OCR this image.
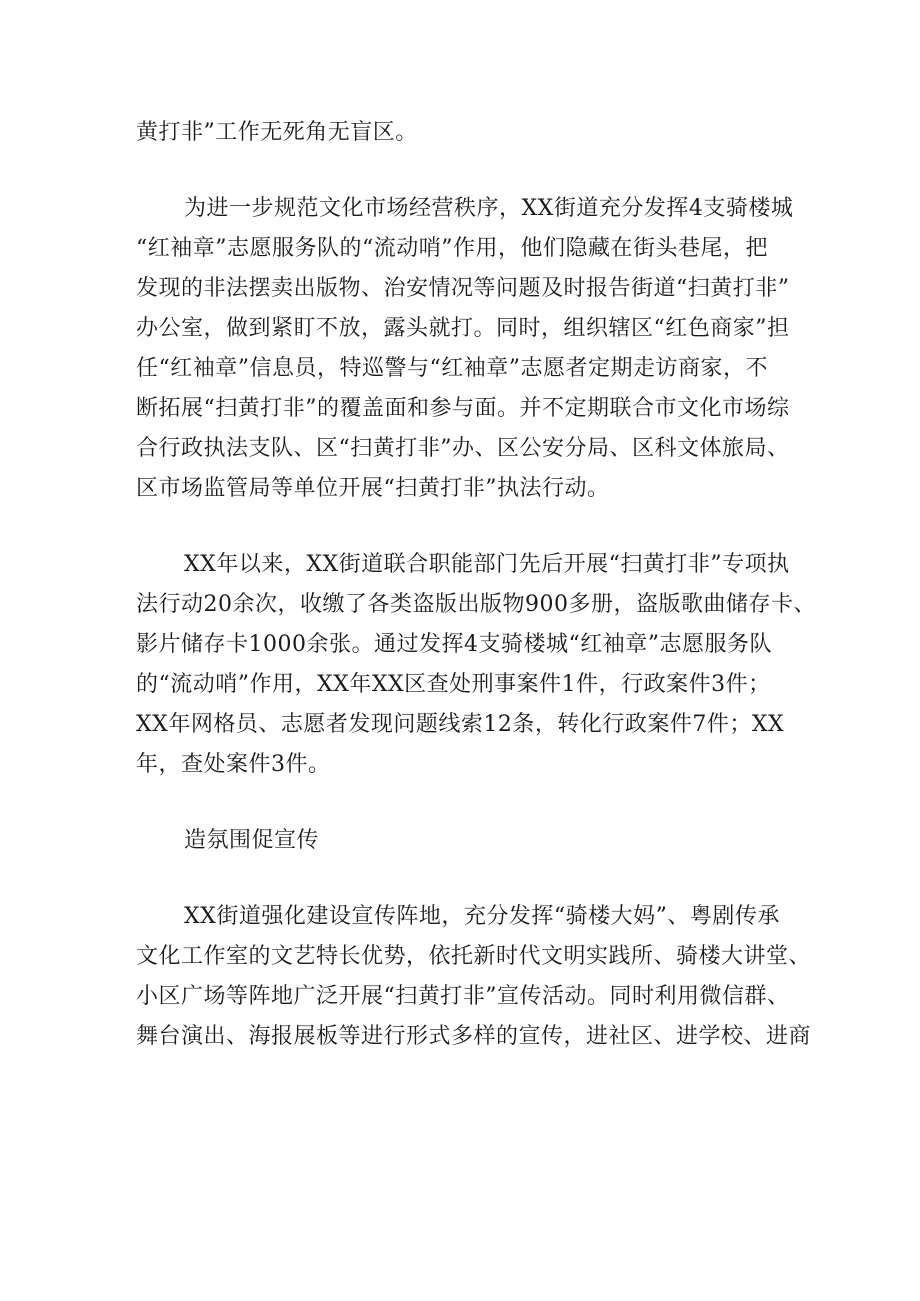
黄打非”工作无死角无盲区。

为进一步规范文化市场经营秩序，XX街道充分发挥4支骑楼城

“红袖章”志愿服务队的“流动哨”作用，他们隐藏在街头巷尾，把

发现的非法摆卖出版物、治安情况等问题及时报告街道“扫黄打非”

办公室，做到紧盯不放，露头就打。同时，组织辖区“红色商家”担

任“红袖章”信息员，特巡警与“红袖章”志愿者定期走访商家，不

断拓展“扫黄打非”的覆盖面和参与面。并不定期联合市文化市场综

合行政执法支队、区“扫黄打非”办、区公安分局、区科文体旅局、

区市场监管局等单位开展“扫黄打非”执法行动。

XX年以来，XX街道联合职能部门先后开展“扫黄打非”专项执

法行动20余次，收缴了各类盗版出版物900多册，盗版歌曲储存卡、

影片储存卡1000余张。通过发挥4支骑楼城“红袖章”志愿服务队

的“流动哨”作用，XX年XX区查处刑事案件1件，行政案件3件；

XX年网格员、志愿者发现问题线索12条，转化行政案件7件；XX

年，查处案件3件。

造氛围促宣传

XX街道强化建设宣传阵地，充分发挥“骑楼大妈”、粤剧传承

文化工作室的文艺特长优势，依托新时代文明实践所、骑楼大讲堂、

小区广场等阵地广泛开展“扫黄打非”宣传活动。同时利用微信群、

舞台演出、海报展板等进行形式多样的宣传，进社区、进学校、进商
